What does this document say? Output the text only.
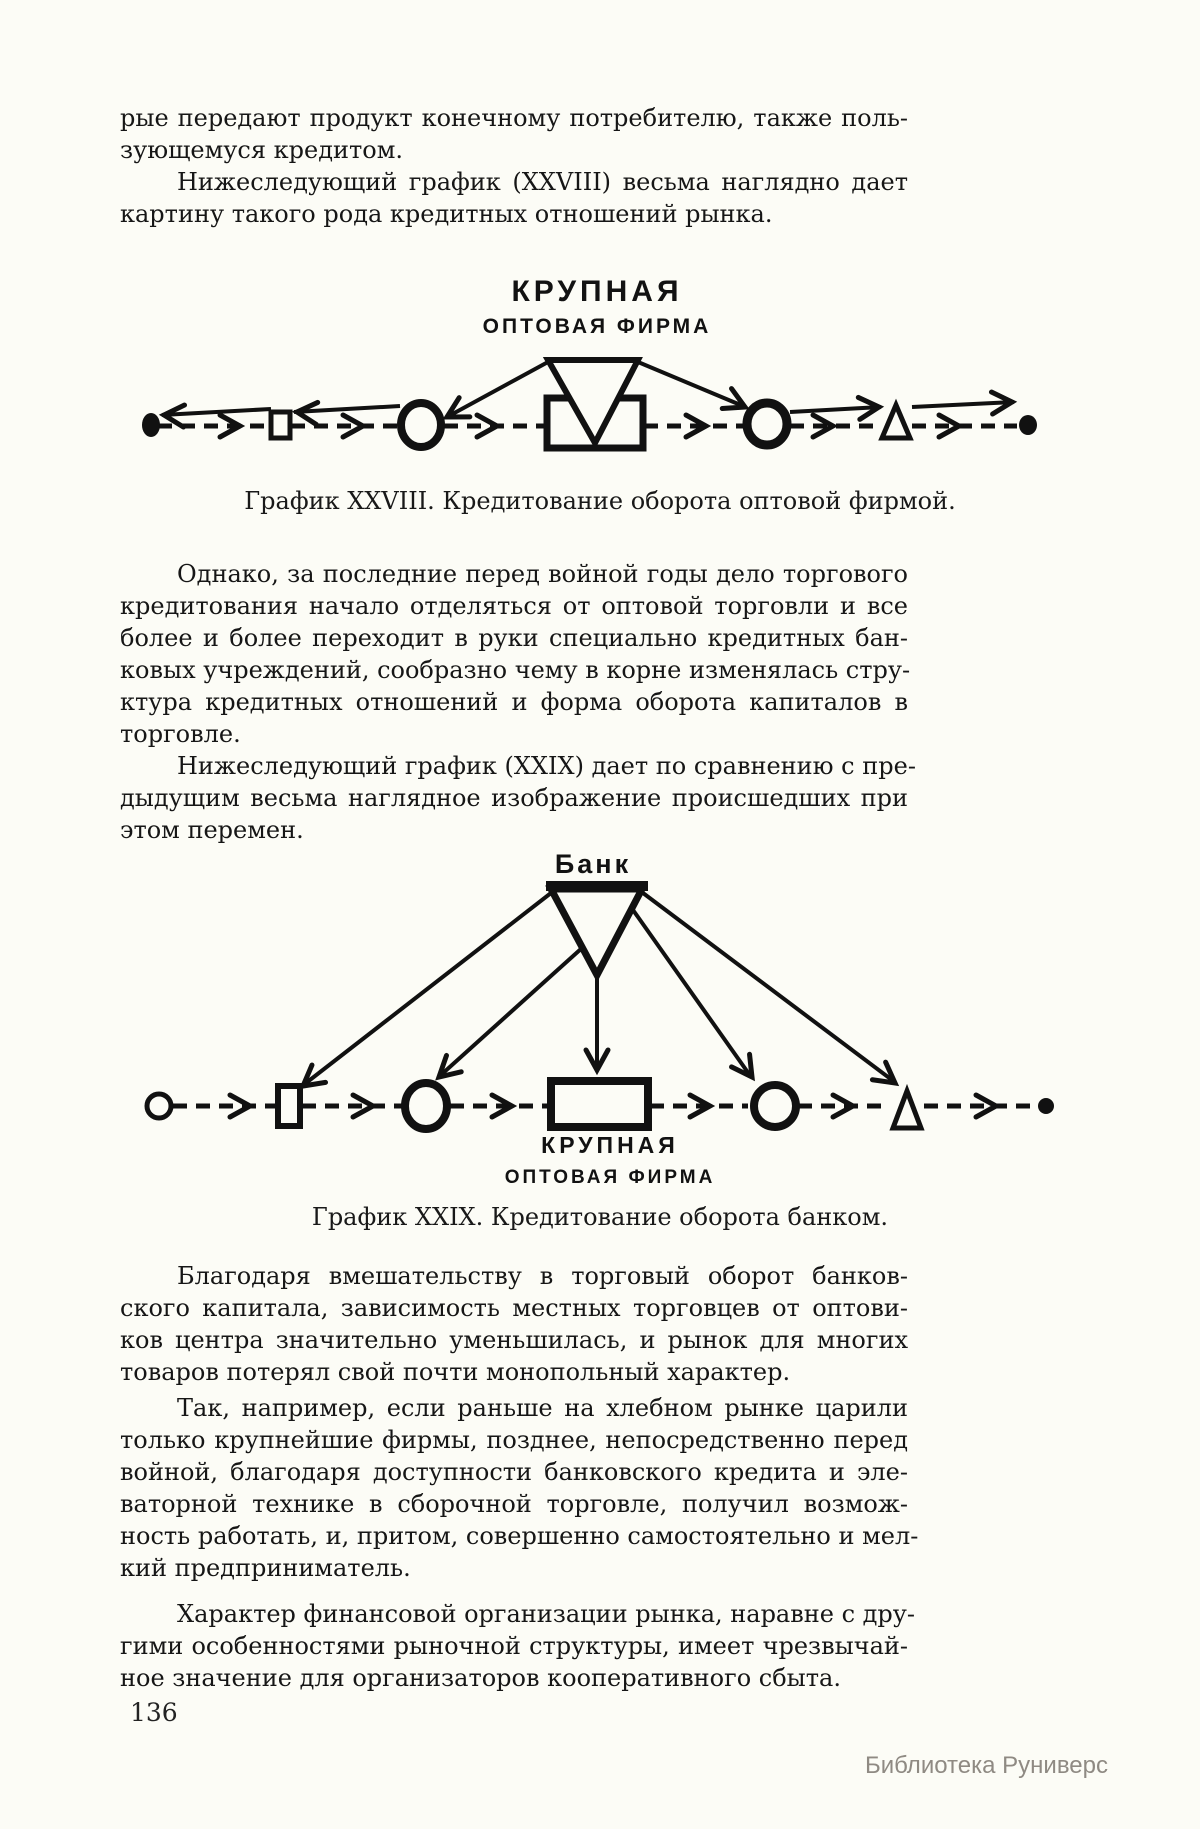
рые передают продукт конечному потребителю, также поль-
зующемуся кредитом.
Нижеследующий график (XXVIII) весьма наглядно дает
картину такого рода кредитных отношений рынка.
КРУПНАЯ
ОПТОВАЯ ФИРМА
График XXVIII. Кредитование оборота оптовой фирмой.
Однако, за последние перед войной годы дело торгового
кредитования начало отделяться от оптовой торговли и все
более и более переходит в руки специально кредитных бан-
ковых учреждений, сообразно чему в корне изменялась стру-
ктура кредитных отношений и форма оборота капиталов в
торговле.
Нижеследующий график (XXIX) дает по сравнению с пре-
дыдущим весьма наглядное изображение происшедших при
этом перемен.
Банк
КРУПНАЯ
ОПТОВАЯ ФИРМА
График XXIX. Кредитование оборота банком.
Благодаря вмешательству в торговый оборот банков-
ского капитала, зависимость местных торговцев от оптови-
ков центра значительно уменьшилась, и рынок для многих
товаров потерял свой почти монопольный характер.
Так, например, если раньше на хлебном рынке царили
только крупнейшие фирмы, позднее, непосредственно перед
войной, благодаря доступности банковского кредита и эле-
ваторной технике в сборочной торговле, получил возмож-
ность работать, и, притом, совершенно самостоятельно и мел-
кий предприниматель.
Характер финансовой организации рынка, наравне с дру-
гими особенностями рыночной структуры, имеет чрезвычай-
ное значение для организаторов кооперативного сбыта.
136
Библиотека Руниверс
